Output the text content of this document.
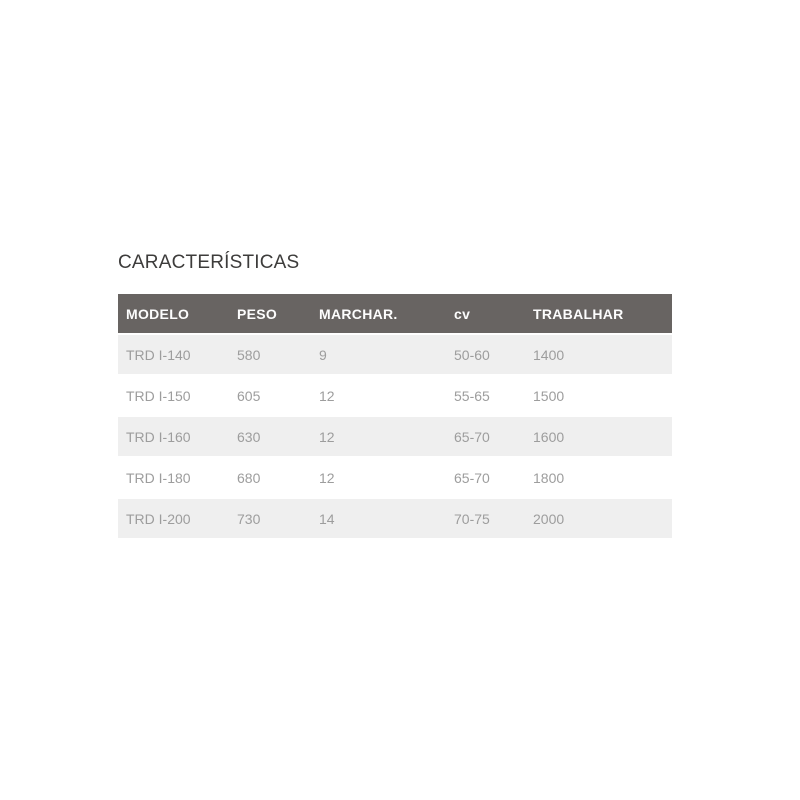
CARACTERÍSTICAS
MODELO	PESO	MARCHAR.	cv	TRABALHAR
TRD I-140	580	9	50-60	1400
TRD I-150	605	12	55-65	1500
TRD I-160	630	12	65-70	1600
TRD I-180	680	12	65-70	1800
TRD I-200	730	14	70-75	2000
